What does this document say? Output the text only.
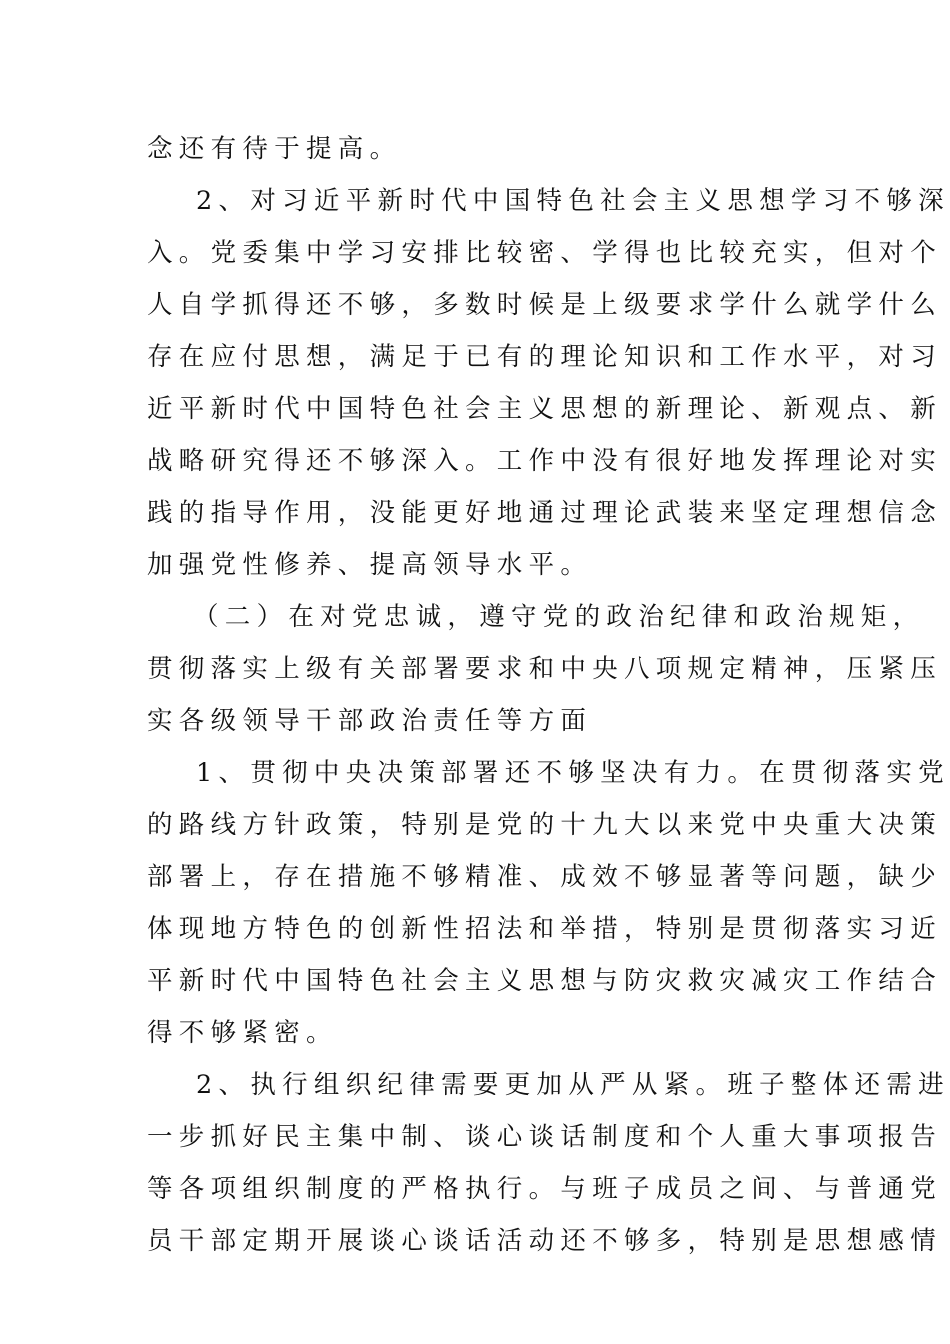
念还有待于提高。
2、对习近平新时代中国特色社会主义思想学习不够深
入。党委集中学习安排比较密、学得也比较充实，但对个
人自学抓得还不够，多数时候是上级要求学什么就学什么
存在应付思想，满足于已有的理论知识和工作水平，对习
近平新时代中国特色社会主义思想的新理论、新观点、新
战略研究得还不够深入。工作中没有很好地发挥理论对实
践的指导作用，没能更好地通过理论武装来坚定理想信念
加强党性修养、提高领导水平。
（二）在对党忠诚，遵守党的政治纪律和政治规矩，
贯彻落实上级有关部署要求和中央八项规定精神，压紧压
实各级领导干部政治责任等方面
1、贯彻中央决策部署还不够坚决有力。在贯彻落实党
的路线方针政策，特别是党的十九大以来党中央重大决策
部署上，存在措施不够精准、成效不够显著等问题，缺少
体现地方特色的创新性招法和举措，特别是贯彻落实习近
平新时代中国特色社会主义思想与防灾救灾减灾工作结合
得不够紧密。
2、执行组织纪律需要更加从严从紧。班子整体还需进
一步抓好民主集中制、谈心谈话制度和个人重大事项报告
等各项组织制度的严格执行。与班子成员之间、与普通党
员干部定期开展谈心谈话活动还不够多，特别是思想感情
